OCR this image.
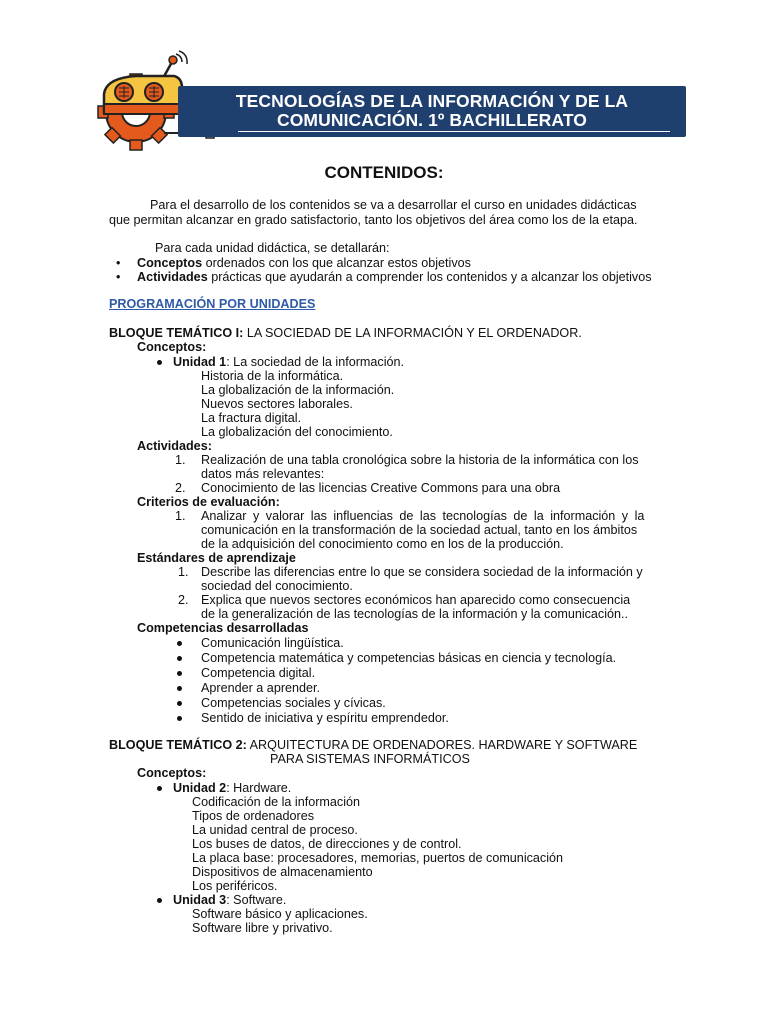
TECNOLOGÍAS DE LA INFORMACIÓN Y DE LA
COMUNICACIÓN. 1º BACHILLERATO
CONTENIDOS:
Para el desarrollo de los contenidos se va a desarrollar el curso en unidades didácticas
que permitan alcanzar en grado satisfactorio, tanto los objetivos del área como los de la etapa.
Para cada unidad didáctica, se detallarán:
• Conceptos ordenados con los que alcanzar estos objetivos
• Actividades prácticas que ayudarán a comprender los contenidos y a alcanzar los objetivos
PROGRAMACIÓN POR UNIDADES
BLOQUE TEMÁTICO I: LA SOCIEDAD DE LA INFORMACIÓN Y EL ORDENADOR.
Conceptos:
Unidad 1: La sociedad de la información.
Historia de la informática.
La globalización de la información.
Nuevos sectores laborales.
La fractura digital.
La globalización del conocimiento.
Actividades:
1. Realización de una tabla cronológica sobre la historia de la informática con los
datos más relevantes:
2. Conocimiento de las licencias Creative Commons para una obra
Criterios de evaluación:
1. Analizar y valorar las influencias de las tecnologías de la información y la
comunicación en la transformación de la sociedad actual, tanto en los ámbitos
de la adquisición del conocimiento como en los de la producción.
Estándares de aprendizaje
1. Describe las diferencias entre lo que se considera sociedad de la información y
sociedad del conocimiento.
2. Explica que nuevos sectores económicos han aparecido como consecuencia
de la generalización de las tecnologías de la información y la comunicación..
Competencias desarrolladas
Comunicación lingüística.
Competencia matemática y competencias básicas en ciencia y tecnología.
Competencia digital.
Aprender a aprender.
Competencias sociales y cívicas.
Sentido de iniciativa y espíritu emprendedor.
BLOQUE TEMÁTICO 2: ARQUITECTURA DE ORDENADORES. HARDWARE Y SOFTWARE
PARA SISTEMAS INFORMÁTICOS
Conceptos:
Unidad 2: Hardware.
Codificación de la información
Tipos de ordenadores
La unidad central de proceso.
Los buses de datos, de direcciones y de control.
La placa base: procesadores, memorias, puertos de comunicación
Dispositivos de almacenamiento
Los periféricos.
Unidad 3: Software.
Software básico y aplicaciones.
Software libre y privativo.
